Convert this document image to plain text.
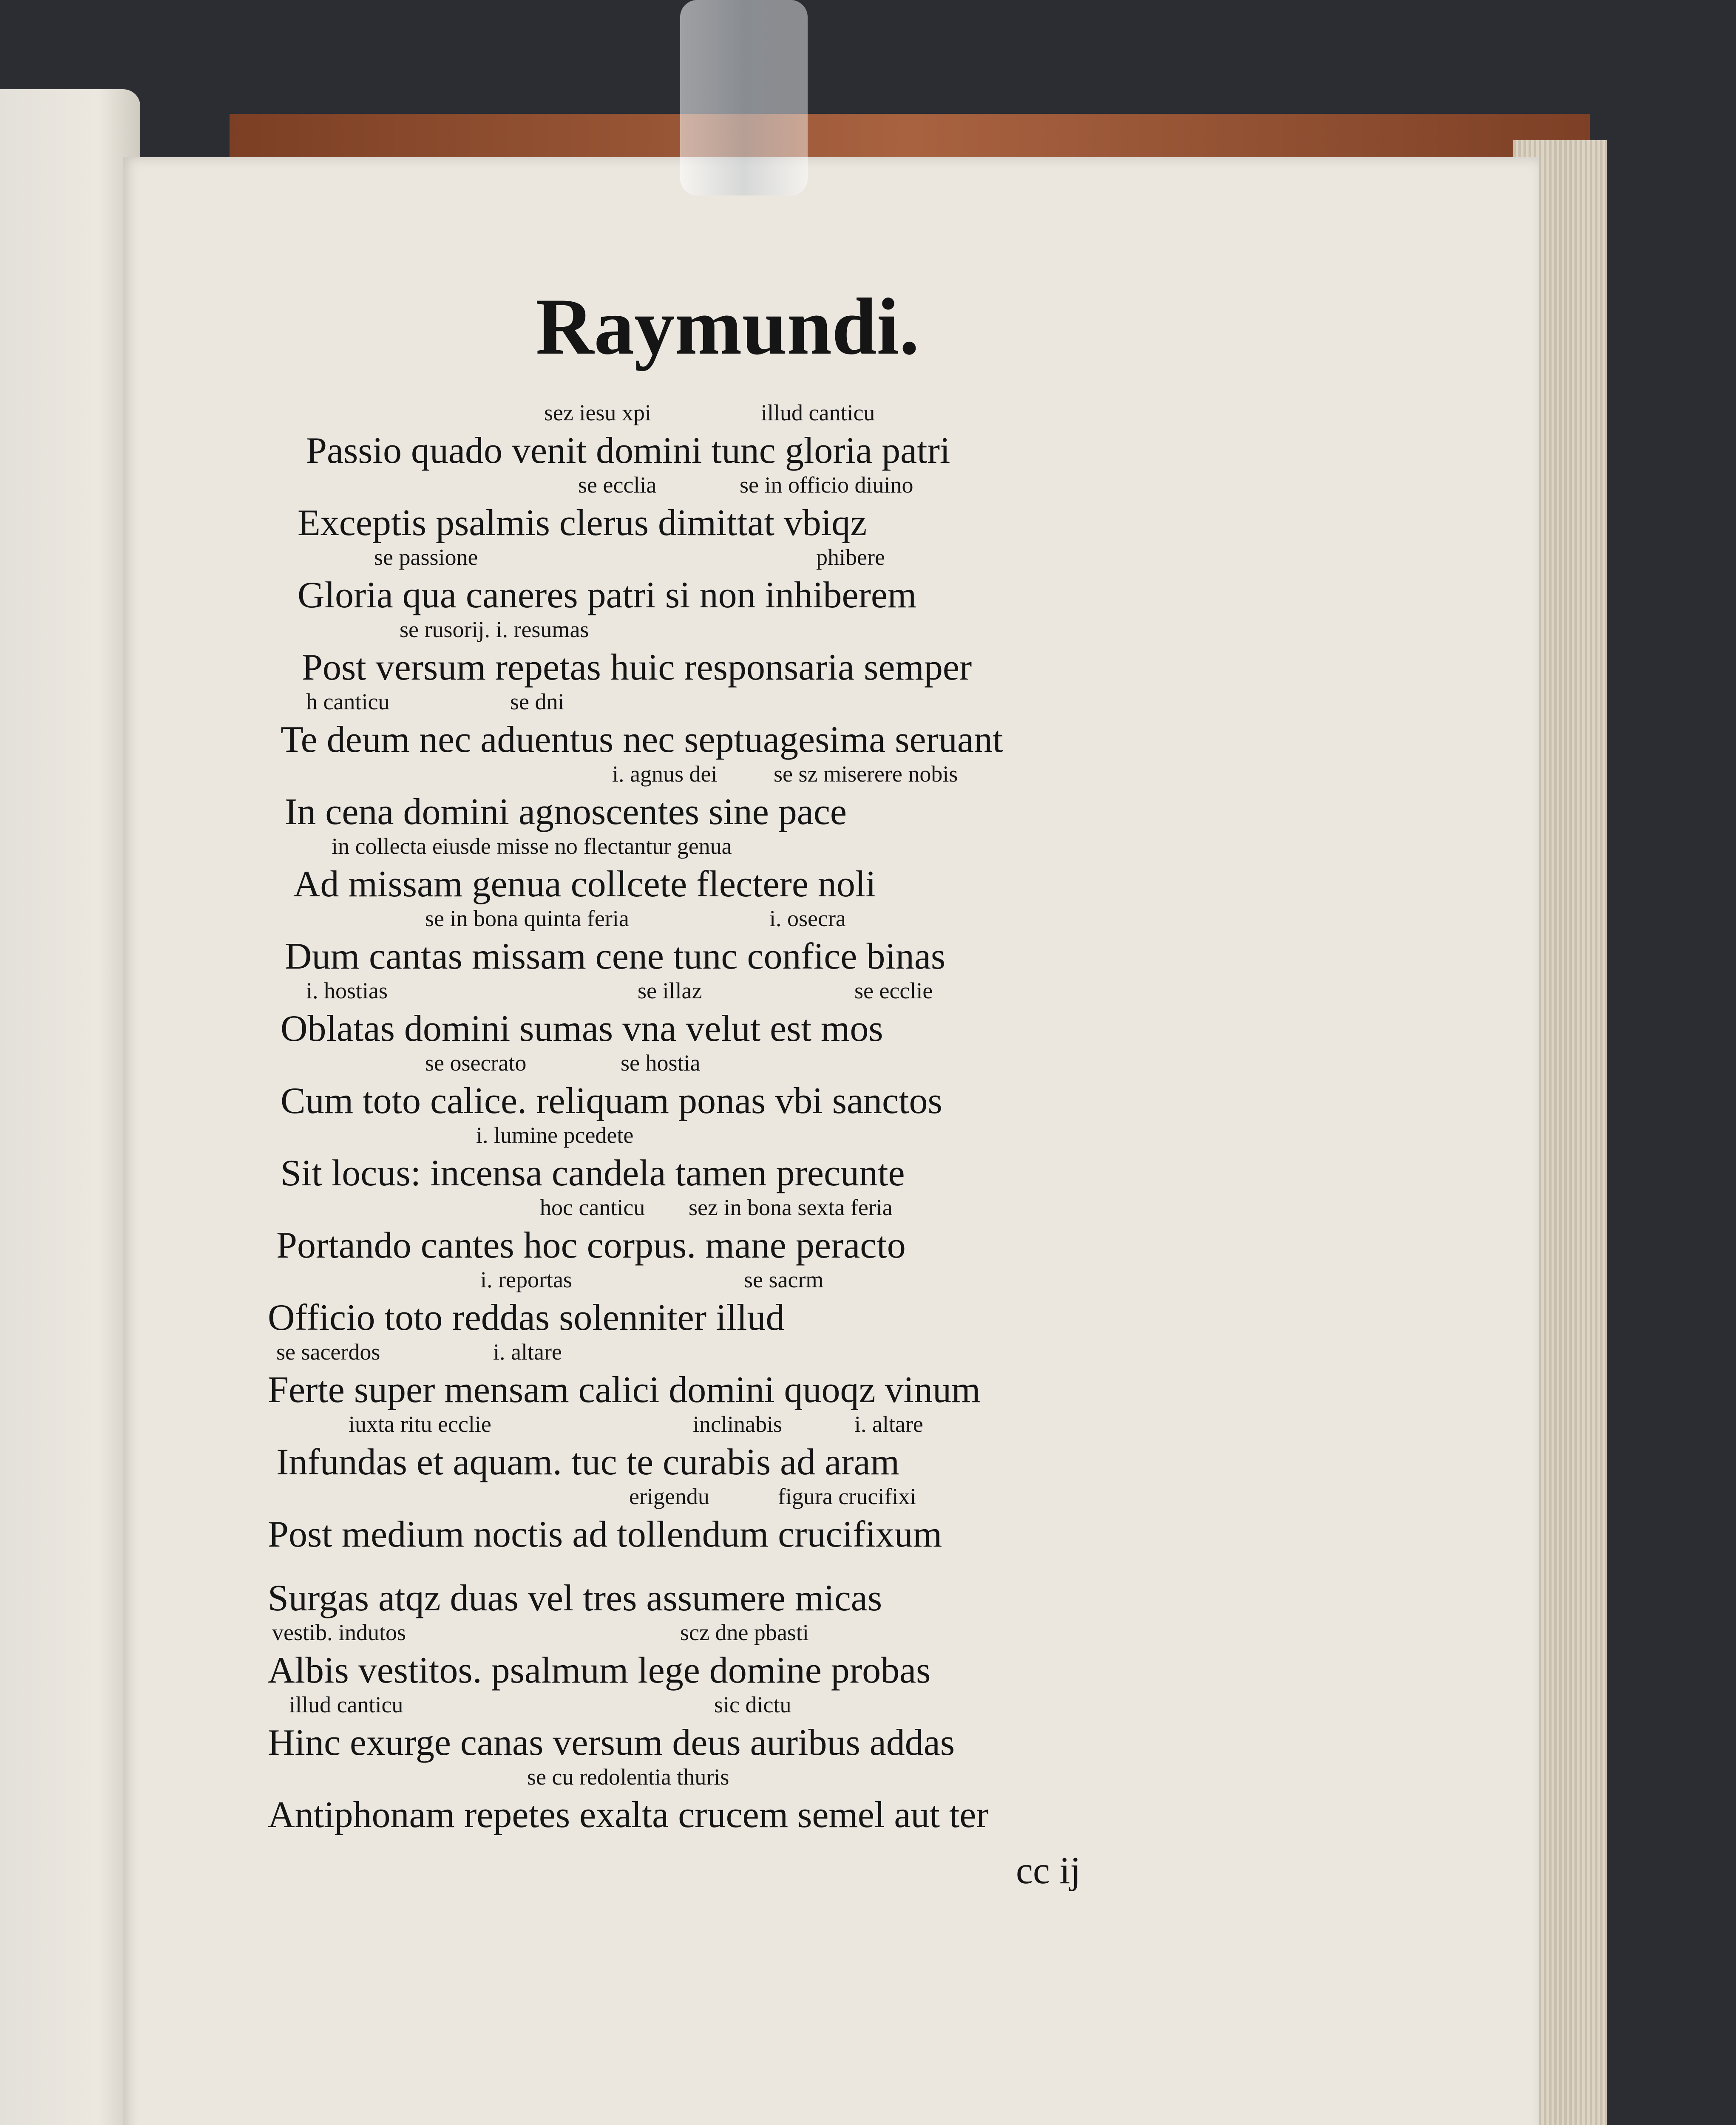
Raymundi.
sez iesu xpi	illud canticu
Passio quado venit domini tunc gloria patri
se ecclia	se in officio diuino
Exceptis psalmis clerus dimittat vbiqz
se passione	phibere
Gloria qua caneres patri si non inhiberem
se rusorij. i. resumas
Post versum repetas huic responsaria semper
h canticu	se dni
Te deum nec aduentus nec septuagesima seruant
i. agnus dei se sz miserere nobis
In cena domini agnoscentes sine pace
in collecta eiusde misse no flectantur genua
Ad missam genua collcete flectere noli
se in bona quinta feria	i. osecra
Dum cantas missam cene tunc confice binas
i. hostias	se illaz	se ecclie
Oblatas domini sumas vna velut est mos
se osecrato	se hostia
Cum toto calice. reliquam ponas vbi sanctos
i. lumine pcedete
Sit locus: incensa candela tamen precunte
hoc canticu sez in bona sexta feria
Portando cantes hoc corpus. mane peracto
i. reportas	se sacrm
Officio toto reddas solenniter illud
se sacerdos	i. altare
Ferte super mensam calici domini quoqz vinum
iuxta ritu ecclie	inclinabis	i. altare
Infundas et aquam. tuc te curabis ad aram
erigendu	figura crucifixi
Post medium noctis ad tollendum crucifixum
Surgas atqz duas vel tres assumere micas
vestib. indutos	scz dne pbasti
Albis vestitos. psalmum lege domine probas
illud canticu	sic dictu
Hinc exurge canas versum deus auribus addas
se cu redolentia thuris
Antiphonam repetes exalta crucem semel aut ter
cc ij
